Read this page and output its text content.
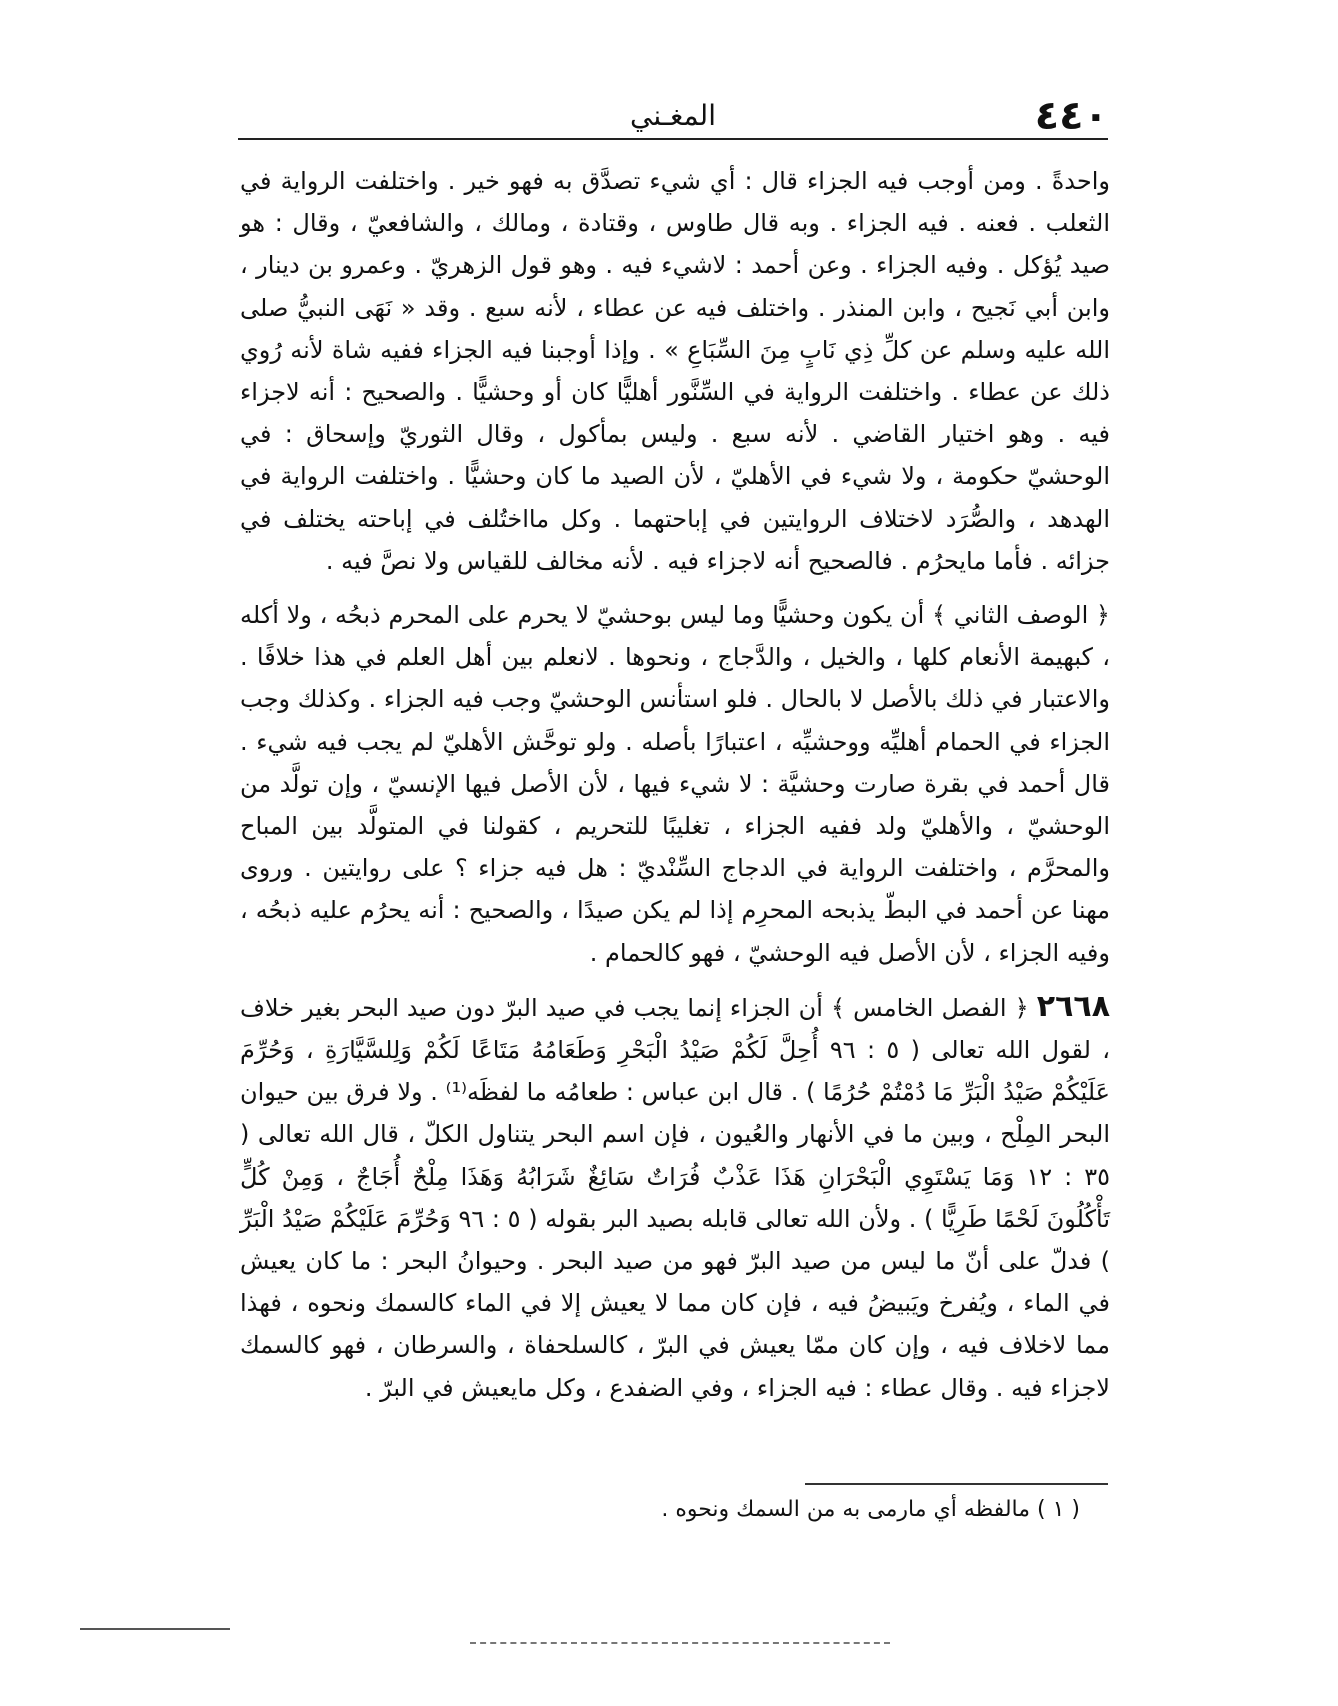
٤٤٠
المغـني

واحدةً . ومن أوجب فيه الجزاء قال : أي شيء تصدَّق به فهو خير . واختلفت الرواية في الثعلب . فعنه . فيه الجزاء . وبه قال طاوس ، وقتادة ، ومالك ، والشافعيّ ، وقال : هو صيد يُؤكل . وفيه الجزاء . وعن أحمد : لاشيء فيه . وهو قول الزهريّ . وعمرو بن دينار ، وابن أبي نَجيح ، وابن المنذر . واختلف فيه عن عطاء ، لأنه سبع . وقد « نَهَى النبيُّ صلى الله عليه وسلم عن كلِّ ذِي نَابٍ مِنَ السِّبَاعِ » . وإذا أوجبنا فيه الجزاء ففيه شاة لأنه رُوي ذلك عن عطاء . واختلفت الرواية في السِّنَّور أهليًّا كان أو وحشيًّا . والصحيح : أنه لاجزاء فيه . وهو اختيار القاضي . لأنه سبع . وليس بمأكول ، وقال الثوريّ وإسحاق : في الوحشيّ حكومة ، ولا شيء في الأهليّ ، لأن الصيد ما كان وحشيًّا . واختلفت الرواية في الهدهد ، والصُّرَد لاختلاف الروايتين في إباحتهما . وكل مااختُلف في إباحته يختلف في جزائه . فأما مايحرُم . فالصحيح أنه لاجزاء فيه . لأنه مخالف للقياس ولا نصَّ فيه .

﴿ الوصف الثاني ﴾ أن يكون وحشيًّا وما ليس بوحشيّ لا يحرم على المحرم ذبحُه ، ولا أكله ، كبهيمة الأنعام كلها ، والخيل ، والدَّجاج ، ونحوها . لانعلم بين أهل العلم في هذا خلافًا . والاعتبار في ذلك بالأصل لا بالحال . فلو استأنس الوحشيّ وجب فيه الجزاء . وكذلك وجب الجزاء في الحمام أهليِّه ووحشيِّه ، اعتبارًا بأصله . ولو توحَّش الأهليّ لم يجب فيه شيء . قال أحمد في بقرة صارت وحشيَّة : لا شيء فيها ، لأن الأصل فيها الإنسيّ ، وإن تولَّد من الوحشيّ ، والأهليّ ولد ففيه الجزاء ، تغليبًا للتحريم ، كقولنا في المتولَّد بين المباح والمحرَّم ، واختلفت الرواية في الدجاج السِّنْديّ : هل فيه جزاء ؟ على روايتين . وروى مهنا عن أحمد في البطّ يذبحه المحرِم إذا لم يكن صيدًا ، والصحيح : أنه يحرُم عليه ذبحُه ، وفيه الجزاء ، لأن الأصل فيه الوحشيّ ، فهو كالحمام .

٢٦٦٨ ﴿ الفصل الخامس ﴾ أن الجزاء إنما يجب في صيد البرّ دون صيد البحر بغير خلاف ، لقول الله تعالى ( ٥ : ٩٦ أُحِلَّ لَكُمْ صَيْدُ الْبَحْرِ وَطَعَامُهُ مَتَاعًا لَكُمْ وَلِلسَّيَّارَةِ ، وَحُرِّمَ عَلَيْكُمْ صَيْدُ الْبَرِّ مَا دُمْتُمْ حُرُمًا ) . قال ابن عباس : طعامُه ما لفظَه⁽¹⁾ . ولا فرق بين حيوان البحر المِلْح ، وبين ما في الأنهار والعُيون ، فإن اسم البحر يتناول الكلّ ، قال الله تعالى ( ٣٥ : ١٢ وَمَا يَسْتَوِي الْبَحْرَانِ هَذَا عَذْبٌ فُرَاتٌ سَائِغٌ شَرَابُهُ وَهَذَا مِلْحٌ أُجَاجٌ ، وَمِنْ كُلٍّ تَأْكُلُونَ لَحْمًا طَرِيًّا ) . ولأن الله تعالى قابله بصيد البر بقوله ( ٥ : ٩٦ وَحُرِّمَ عَلَيْكُمْ صَيْدُ الْبَرِّ ) فدلّ على أنّ ما ليس من صيد البرّ فهو من صيد البحر . وحيوانُ البحر : ما كان يعيش في الماء ، ويُفرخ ويَبيضُ فيه ، فإن كان مما لا يعيش إلا في الماء كالسمك ونحوه ، فهذا مما لاخلاف فيه ، وإن كان ممّا يعيش في البرّ ، كالسلحفاة ، والسرطان ، فهو كالسمك لاجزاء فيه . وقال عطاء : فيه الجزاء ، وفي الضفدع ، وكل مايعيش في البرّ .

( ١ ) مالفظه أي مارمى به من السمك ونحوه .
